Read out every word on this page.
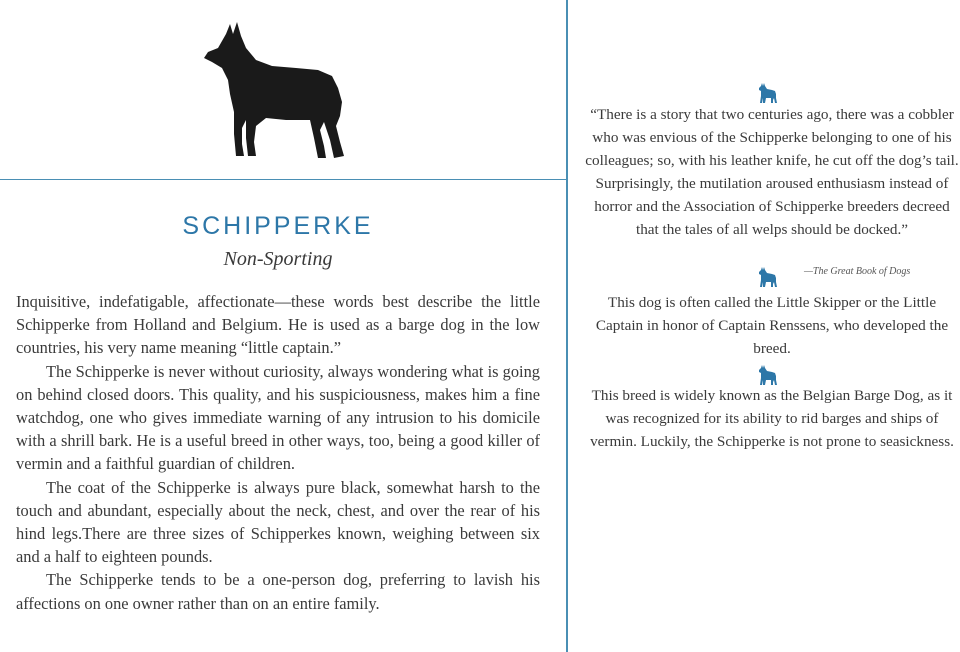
SCHIPPERKE
Non-Sporting

Inquisitive, indefatigable, affectionate—these words best describe the little Schipperke from Holland and Belgium. He is used as a barge dog in the low countries, his very name meaning “little captain.”

The Schipperke is never without curiosity, always wondering what is going on behind closed doors. This quality, and his suspiciousness, makes him a fine watchdog, one who gives immediate warning of any intrusion to his domicile with a shrill bark. He is a useful breed in other ways, too, being a good killer of vermin and a faithful guardian of children.

The coat of the Schipperke is always pure black, somewhat harsh to the touch and abundant, especially about the neck, chest, and over the rear of his hind legs.There are three sizes of Schipperkes known, weighing between six and a half to eighteen pounds.

The Schipperke tends to be a one-person dog, preferring to lavish his affections on one owner rather than on an entire family.

“There is a story that two centuries ago, there was a cobbler who was envious of the Schipperke belonging to one of his colleagues; so, with his leather knife, he cut off the dog’s tail. Surprisingly, the mutilation aroused enthusiasm instead of horror and the Association of Schipperke breeders decreed that the tales of all welps should be docked.”

—The Great Book of Dogs

This dog is often called the Little Skipper or the Little Captain in honor of Captain Renssens, who developed the breed.

This breed is widely known as the Belgian Barge Dog, as it was recognized for its ability to rid barges and ships of vermin. Luckily, the Schipperke is not prone to seasickness.
